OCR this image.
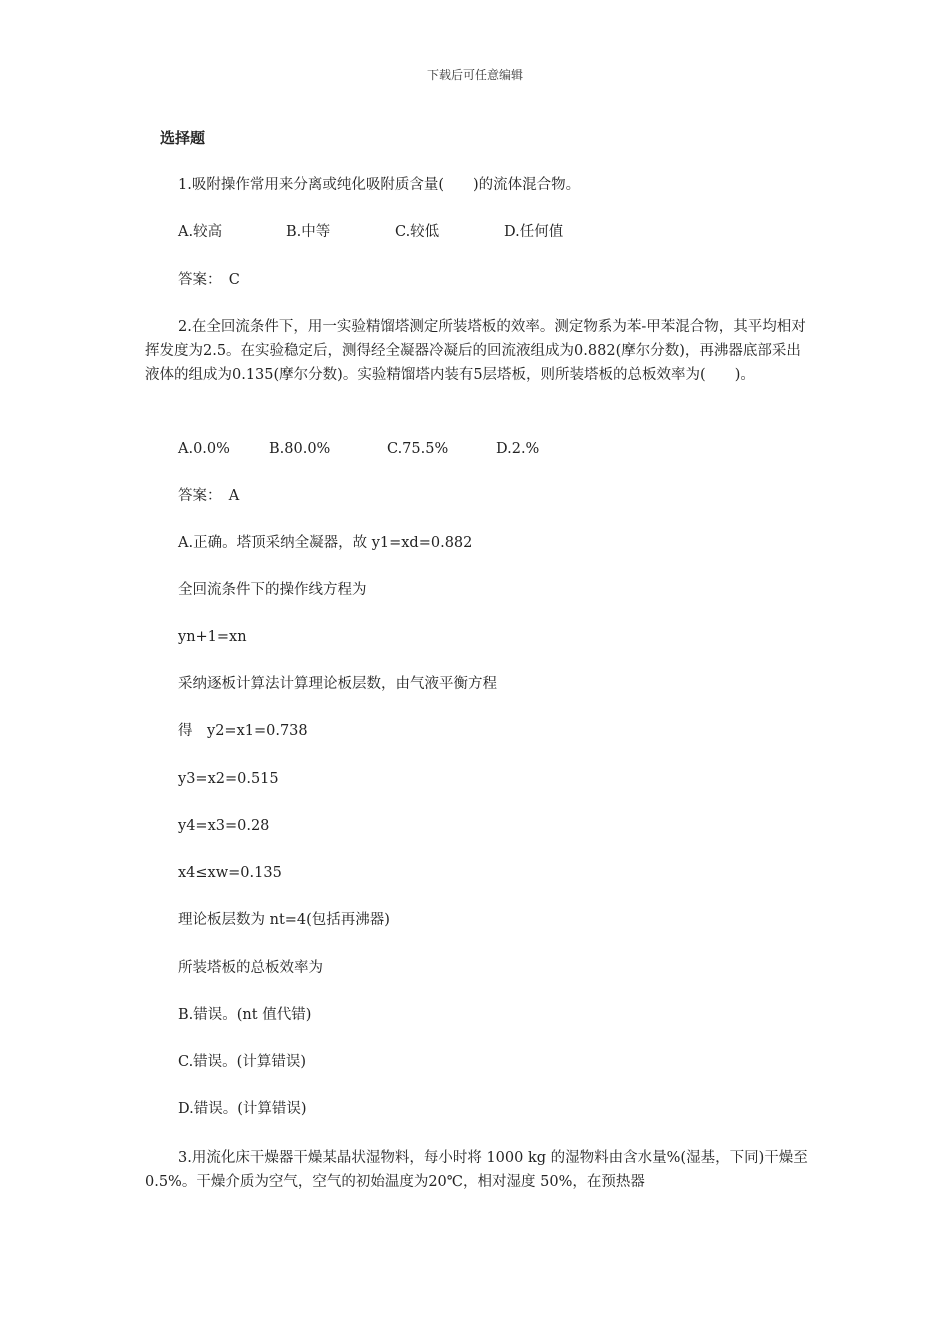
下载后可任意编辑
选择题
1.吸附操作常用来分离或纯化吸附质含量(　　)的流体混合物。
A.较高	B.中等	C.较低	D.任何值
答案：　C
2.在全回流条件下，用一实验精馏塔测定所装塔板的效率。测定物系为苯-甲苯混合物，其平均相对挥发度为2.5。在实验稳定后，测得经全凝器冷凝后的回流液组成为0.882(摩尔分数)，再沸器底部采出液体的组成为0.135(摩尔分数)。实验精馏塔内装有5层塔板，则所装塔板的总板效率为(　　)。
A.0.0%	B.80.0%	C.75.5%	D.2.%
答案：　A
A.正确。塔顶采纳全凝器，故 y1=xd=0.882
全回流条件下的操作线方程为
yn+1=xn
采纳逐板计算法计算理论板层数，由气液平衡方程
得　y2=x1=0.738
y3=x2=0.515
y4=x3=0.28
x4≤xw=0.135
理论板层数为 nt=4(包括再沸器)
所装塔板的总板效率为
B.错误。(nt 值代错)
C.错误。(计算错误)
D.错误。(计算错误)
3.用流化床干燥器干燥某晶状湿物料，每小时将 1000 kg 的湿物料由含水量%(湿基，下同)干燥至 0.5%。干燥介质为空气，空气的初始温度为20℃，相对湿度 50%，在预热器
